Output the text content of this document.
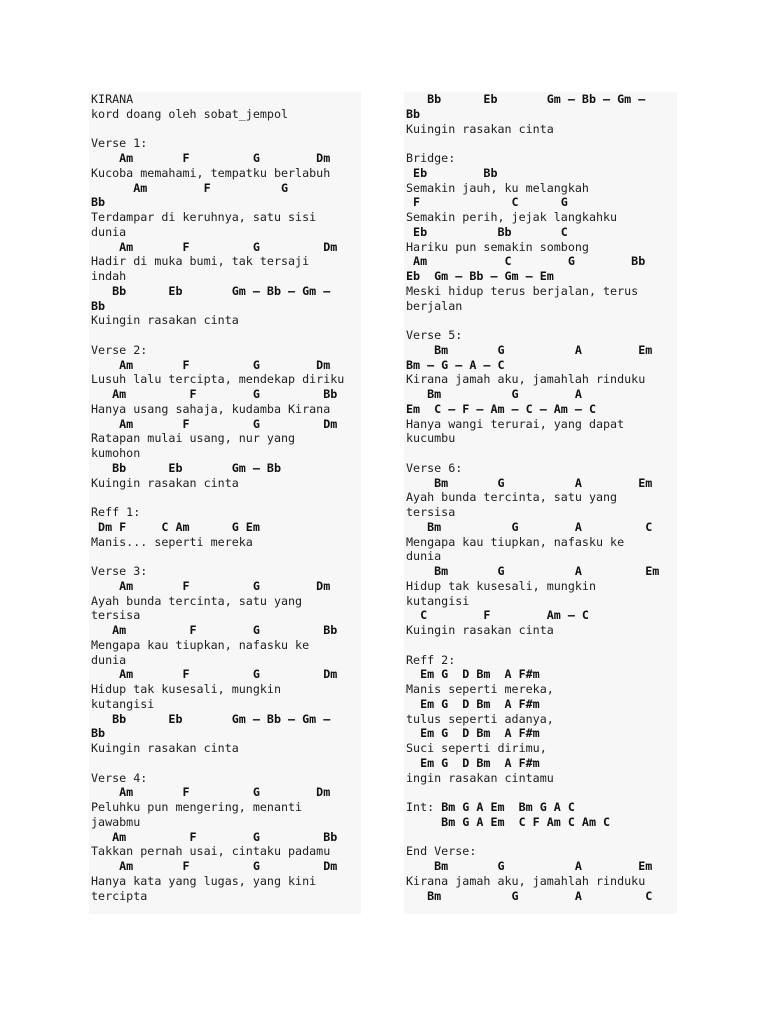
KIRANA
kord doang oleh sobat_jempol
Verse 1:
Am       F         G        Dm
Kucoba memahami, tempatku berlabuh
Am        F          G
Bb
Terdampar di keruhnya, satu sisi
dunia
Am       F         G         Dm
Hadir di muka bumi, tak tersaji
indah
Bb      Eb       Gm – Bb – Gm –
Bb
Kuingin rasakan cinta
Verse 2:
Am       F         G        Dm
Lusuh lalu tercipta, mendekap diriku
Am         F        G         Bb
Hanya usang sahaja, kudamba Kirana
Am       F         G         Dm
Ratapan mulai usang, nur yang
kumohon
Bb      Eb       Gm – Bb
Kuingin rasakan cinta
Reff 1:
Dm F     C Am      G Em
Manis... seperti mereka
Verse 3:
Am       F         G        Dm
Ayah bunda tercinta, satu yang
tersisa
Am         F        G         Bb
Mengapa kau tiupkan, nafasku ke
dunia
Am       F         G         Dm
Hidup tak kusesali, mungkin
kutangisi
Bb      Eb       Gm – Bb – Gm –
Bb
Kuingin rasakan cinta
Verse 4:
Am       F         G        Dm
Peluhku pun mengering, menanti
jawabmu
Am         F        G         Bb
Takkan pernah usai, cintaku padamu
Am       F         G         Dm
Hanya kata yang lugas, yang kini
tercipta
Bb      Eb       Gm – Bb – Gm –
Bb
Kuingin rasakan cinta
Bridge:
Eb        Bb
Semakin jauh, ku melangkah
F             C      G
Semakin perih, jejak langkahku
Eb          Bb       C
Hariku pun semakin sombong
Am           C        G        Bb
Eb  Gm – Bb – Gm – Em
Meski hidup terus berjalan, terus
berjalan
Verse 5:
Bm       G          A        Em
Bm – G – A – C
Kirana jamah aku, jamahlah rinduku
Bm          G        A
Em  C – F – Am – C – Am – C
Hanya wangi terurai, yang dapat
kucumbu
Verse 6:
Bm       G          A        Em
Ayah bunda tercinta, satu yang
tersisa
Bm          G        A         C
Mengapa kau tiupkan, nafasku ke
dunia
Bm       G          A         Em
Hidup tak kusesali, mungkin
kutangisi
C        F        Am – C
Kuingin rasakan cinta
Reff 2:
Em G  D Bm  A F#m
Manis seperti mereka,
Em G  D Bm  A F#m
tulus seperti adanya,
Em G  D Bm  A F#m
Suci seperti dirimu,
Em G  D Bm  A F#m
ingin rasakan cintamu
Int: Bm G A Em  Bm G A C
Bm G A Em  C F Am C Am C
End Verse:
Bm       G          A        Em
Kirana jamah aku, jamahlah rinduku
Bm          G        A         C
